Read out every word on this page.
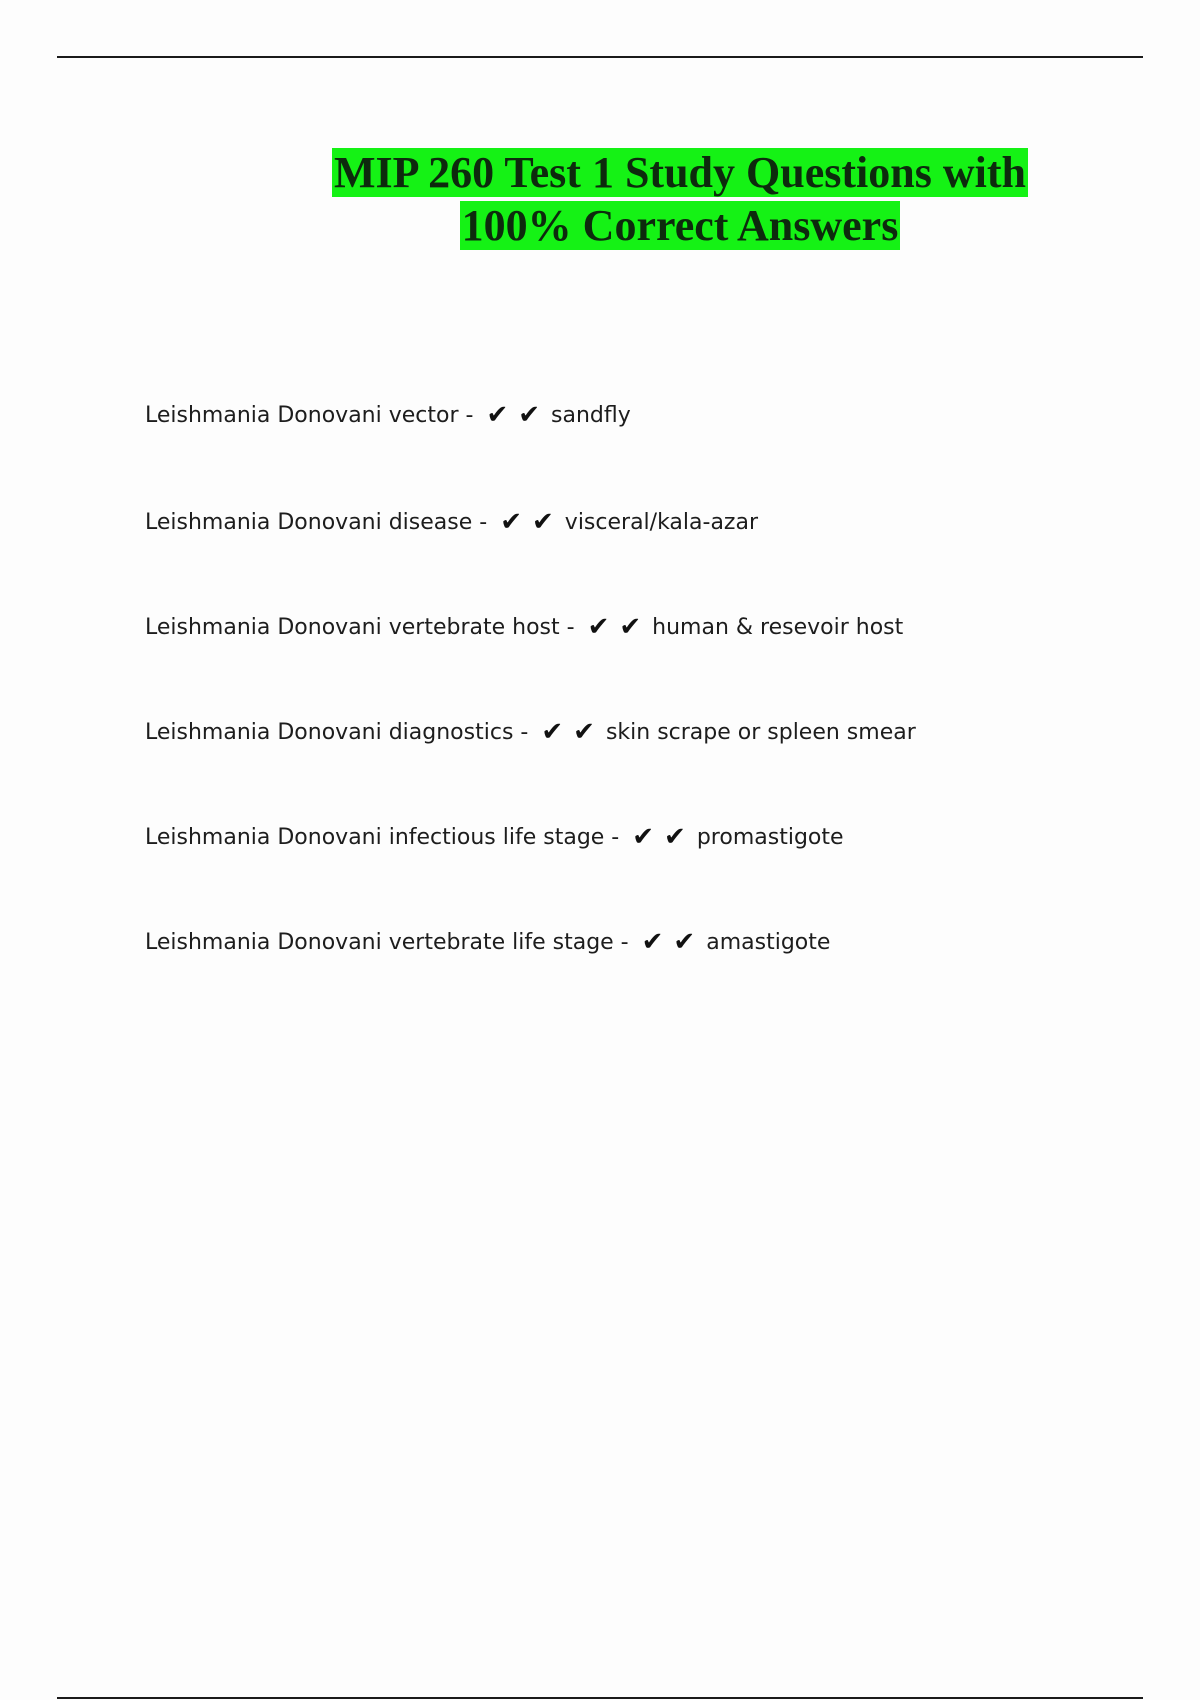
MIP 260 Test 1 Study Questions with
100% Correct Answers
Leishmania Donovani vector - ✔ ✔ sandfly
Leishmania Donovani disease - ✔ ✔ visceral/kala-azar
Leishmania Donovani vertebrate host - ✔ ✔ human & resevoir host
Leishmania Donovani diagnostics - ✔ ✔ skin scrape or spleen smear
Leishmania Donovani infectious life stage - ✔ ✔ promastigote
Leishmania Donovani vertebrate life stage - ✔ ✔ amastigote
